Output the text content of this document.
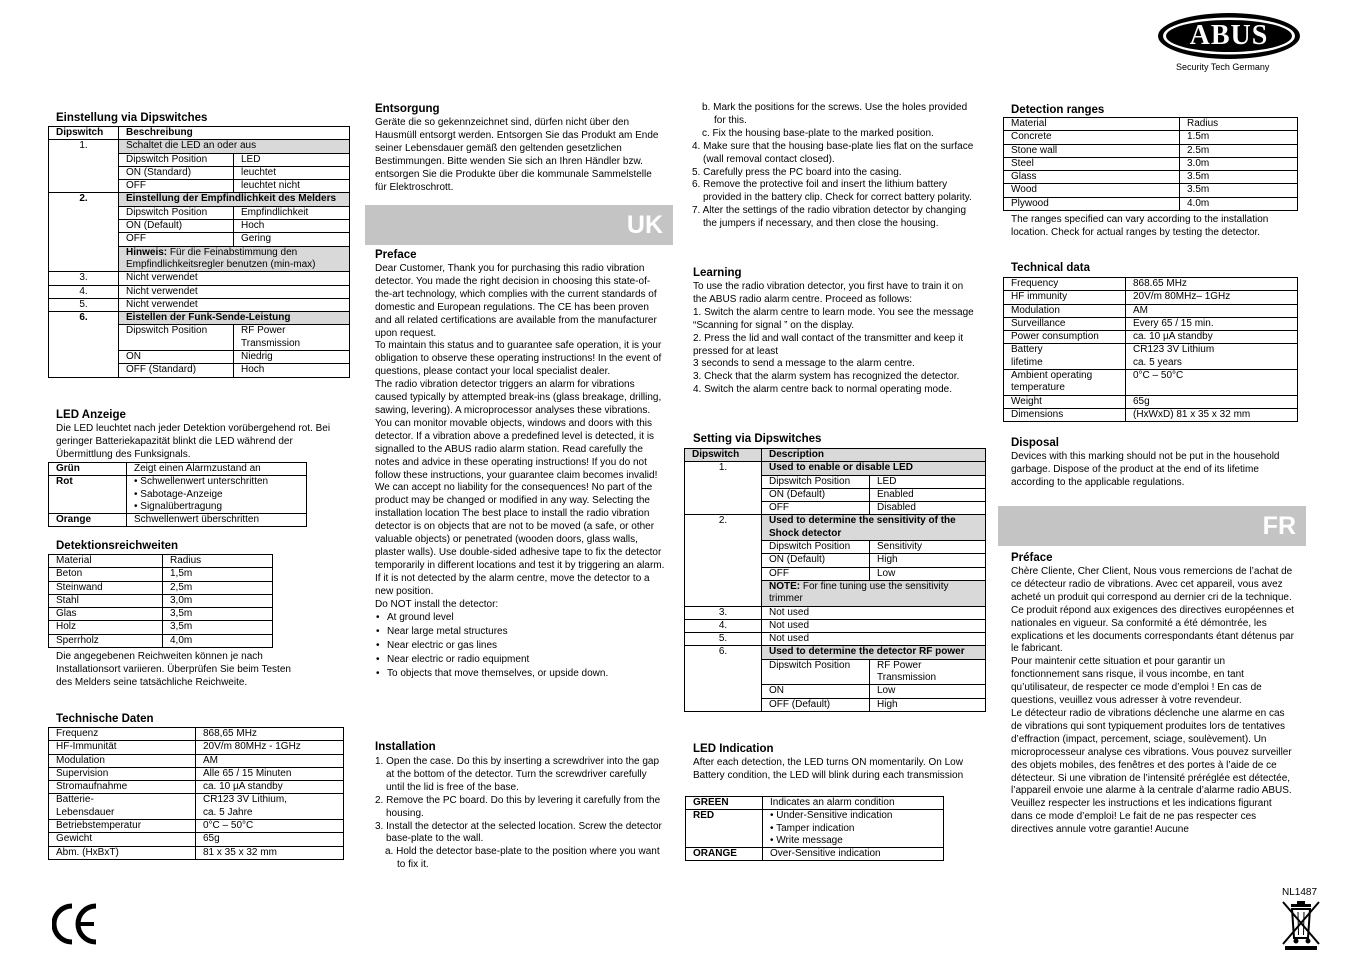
ABUS
Security Tech Germany
Einstellung via Dipswitches
Dipswitch	Beschreibung	
1.	Schaltet die LED an oder aus	
	Dipswitch Position	LED
	ON (Standard)	leuchtet
	OFF	leuchtet nicht
2.	Einstellung der Empfindlichkeit des Melders	
	Dipswitch Position	Empfindlichkeit
	ON (Default)	Hoch
	OFF	Gering
	Hinweis: Für die Feinabstimmung den Empfindlichkeitsregler benutzen (min-max)	
3.	Nicht verwendet	
4.	Nicht verwendet	
5.	Nicht verwendet	
6.	Eistellen der Funk-Sende-Leistung	
	Dipswitch Position	RF Power Transmission
	ON	Niedrig
	OFF (Standard)	Hoch
LED Anzeige

Die LED leuchtet nach jeder Detektion vorübergehend rot. Bei geringer Batteriekapazität blinkt die LED während der Übermittlung des Funksignals.

Grün	Zeigt einen Alarmzustand an
Rot	• Schwellenwert unterschritten
• Sabotage-Anzeige
• Signalübertragung

Orange	Schwellenwert überschritten
Detektionsreichweiten
Material	Radius
Beton	1,5m
Steinwand	2,5m
Stahl	3,0m
Glas	3,5m
Holz	3,5m
Sperrholz	4,0m

Die angegebenen Reichweiten können je nach Installationsort variieren. Überprüfen Sie beim Testen des Melders seine tatsächliche Reichweite.

Technische Daten
Frequenz	868,65 MHz
HF-Immunität	20V/m 80MHz - 1GHz
Modulation	AM
Supervision	Alle 65 / 15 Minuten
Stromaufnahme	ca. 10 µA standby
Batterie-
Lebensdauer	CR123 3V Lithium,
ca. 5 Jahre
Betriebstemperatur	0°C – 50°C
Gewicht	65g
Abm. (HxBxT)	81 x 35 x 32 mm
Entsorgung

Geräte die so gekennzeichnet sind, dürfen nicht über den Hausmüll entsorgt werden. Entsorgen Sie das Produkt am Ende seiner Lebensdauer gemäß den geltenden gesetzlichen Bestimmungen. Bitte wenden Sie sich an Ihren Händler bzw. entsorgen Sie die Produkte über die kommunale Sammelstelle für Elektroschrott.

UK
Preface

Dear Customer, Thank you for purchasing this radio vibration detector. You made the right decision in choosing this state-of-the-art technology, which complies with the current standards of domestic and European regulations. The CE has been proven and all related certifications are available from the manufacturer upon request.

To maintain this status and to guarantee safe operation, it is your obligation to observe these operating instructions! In the event of questions, please contact your local specialist dealer.

The radio vibration detector triggers an alarm for vibrations caused typically by attempted break-ins (glass breakage, drilling, sawing, levering). A microprocessor analyses these vibrations. You can monitor movable objects, windows and doors with this detector. If a vibration above a predefined level is detected, it is signalled to the ABUS radio alarm station. Read carefully the notes and advice in these operating instructions! If you do not follow these instructions, your guarantee claim becomes invalid! We can accept no liability for the consequences! No part of the product may be changed or modified in any way. Selecting the installation location The best place to install the radio vibration detector is on objects that are not to be moved (a safe, or other valuable objects) or penetrated (wooden doors, glass walls, plaster walls). Use double-sided adhesive tape to fix the detector temporarily in different locations and test it by triggering an alarm. If it is not detected by the alarm centre, move the detector to a new position.

Do NOT install the detector:

• At ground level
• Near large metal structures
• Near electric or gas lines
• Near electric or radio equipment
• To objects that move themselves, or upside down.
Installation
1. Open the case. Do this by inserting a screwdriver into the gap at the bottom of the detector. Turn the screwdriver carefully until the lid is free of the base.
2. Remove the PC board. Do this by levering it carefully from the housing.
3. Install the detector at the selected location. Screw the detector base-plate to the wall.
a. Hold the detector base-plate to the position where you want to fix it.
b. Mark the positions for the screws. Use the holes provided for this.
c. Fix the housing base-plate to the marked position.
4. Make sure that the housing base-plate lies flat on the surface (wall removal contact closed).
5. Carefully press the PC board into the casing.
6. Remove the protective foil and insert the lithium battery provided in the battery clip. Check for correct battery polarity.
7. Alter the settings of the radio vibration detector by changing the jumpers if necessary, and then close the housing.
Learning
To use the radio vibration detector, you first have to train it on the ABUS radio alarm centre. Proceed as follows:
1. Switch the alarm centre to learn mode. You see the message “Scanning for signal ” on the display.
2. Press the lid and wall contact of the transmitter and keep it pressed for at least
3 seconds to send a message to the alarm centre.
3. Check that the alarm system has recognized the detector.
4. Switch the alarm centre back to normal operating mode.
Setting via Dipswitches
Dipswitch	Description	
1.	Used to enable or disable LED	
	Dipswitch Position	LED
	ON (Default)	Enabled
	OFF	Disabled
2.	Used to determine the sensitivity of the Shock detector	
	Dipswitch Position	Sensitivity
	ON (Default)	High
	OFF	Low
	NOTE: For fine tuning use the sensitivity trimmer	
3.	Not used	
4.	Not used	
5.	Not used	
6.	Used to determine the detector RF power	
	Dipswitch Position	RF Power Transmission
	ON	Low
	OFF (Default)	High
LED Indication

After each detection, the LED turns ON momentarily. On Low Battery condition, the LED will blink during each transmission

GREEN	Indicates an alarm condition
RED	• Under-Sensitive indication
• Tamper indication
• Write message

ORANGE	Over-Sensitive indication
Detection ranges
Material	Radius
Concrete	1.5m
Stone wall	2.5m
Steel	3.0m
Glass	3.5m
Wood	3.5m
Plywood	4.0m

The ranges specified can vary according to the installation location. Check for actual ranges by testing the detector.

Technical data
Frequency	868.65 MHz
HF immunity	20V/m 80MHz– 1GHz
Modulation	AM
Surveillance	Every 65 / 15 min.
Power consumption	ca. 10 µA standby
Battery
lifetime	CR123 3V Lithium
ca. 5 years
Ambient operating
temperature	0°C – 50°C
Weight	65g
Dimensions	(HxWxD) 81 x 35 x 32 mm
Disposal

Devices with this marking should not be put in the household garbage. Dispose of the product at the end of its lifetime according to the applicable regulations.

FR
Préface

Chère Cliente, Cher Client, Nous vous remercions de l’achat de ce détecteur radio de vibrations. Avec cet appareil, vous avez acheté un produit qui correspond au dernier cri de la technique. Ce produit répond aux exigences des directives européennes et nationales en vigueur. Sa conformité a été démontrée, les explications et les documents correspondants étant détenus par le fabricant.

Pour maintenir cette situation et pour garantir un fonctionnement sans risque, il vous incombe, en tant qu’utilisateur, de respecter ce mode d’emploi ! En cas de questions, veuillez vous adresser à votre revendeur.

Le détecteur radio de vibrations déclenche une alarme en cas de vibrations qui sont typiquement produites lors de tentatives d’effraction (impact, percement, sciage, soulèvement). Un microprocesseur analyse ces vibrations. Vous pouvez surveiller des objets mobiles, des fenêtres et des portes à l’aide de ce détecteur. Si une vibration de l’intensité préréglée est détectée, l’appareil envoie une alarme à la centrale d’alarme radio ABUS.

Veuillez respecter les instructions et les indications figurant dans ce mode d’emploi! Le fait de ne pas respecter ces directives annule votre garantie! Aucune

NL1487
